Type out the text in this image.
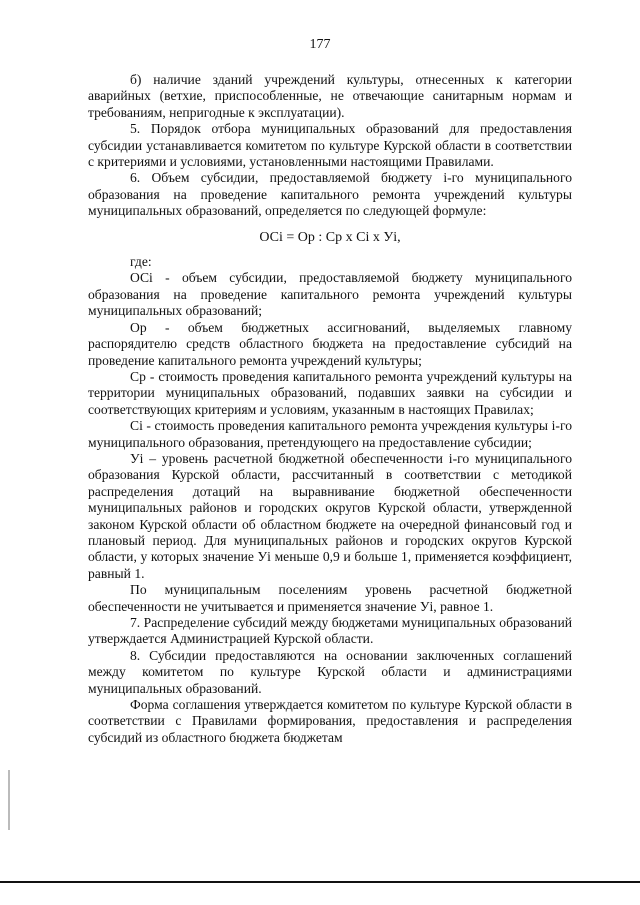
177

б) наличие зданий учреждений культуры, отнесенных к категории аварийных (ветхие, приспособленные, не отвечающие санитарным нормам и требованиям, непригодные к эксплуатации).

5. Порядок отбора муниципальных образований для предоставления субсидии устанавливается комитетом по культуре Курской области в соответствии с критериями и условиями, установленными настоящими Правилами.

6. Объем субсидии, предоставляемой бюджету i-го муниципального образования на проведение капитального ремонта учреждений культуры муниципальных образований, определяется по следующей формуле:

ОСi = Ор : Ср х Сi х Уi,

где:

ОСi - объем субсидии, предоставляемой бюджету муниципального образования на проведение капитального ремонта учреждений культуры муниципальных образований;

Ор - объем бюджетных ассигнований, выделяемых главному распорядителю средств областного бюджета на предоставление субсидий на проведение капитального ремонта учреждений культуры;

Ср - стоимость проведения капитального ремонта учреждений культуры на территории муниципальных образований, подавших заявки на субсидии и соответствующих критериям и условиям, указанным в настоящих Правилах;

Сi - стоимость проведения капитального ремонта учреждения культуры i-го муниципального образования, претендующего на предоставление субсидии;

Уi – уровень расчетной бюджетной обеспеченности i-го муниципального образования Курской области, рассчитанный в соответствии с методикой распределения дотаций на выравнивание бюджетной обеспеченности муниципальных районов и городских округов Курской области, утвержденной законом Курской области об областном бюджете на очередной финансовый год и плановый период. Для муниципальных районов и городских округов Курской области, у которых значение Уi меньше 0,9 и больше 1, применяется коэффициент, равный 1.

По муниципальным поселениям уровень расчетной бюджетной обеспеченности не учитывается и применяется значение Уi, равное 1.

7. Распределение субсидий между бюджетами муниципальных образований утверждается Администрацией Курской области.

8. Субсидии предоставляются на основании заключенных соглашений между комитетом по культуре Курской области и администрациями муниципальных образований.

Форма соглашения утверждается комитетом по культуре Курской области в соответствии с Правилами формирования, предоставления и распределения субсидий из областного бюджета бюджетам
